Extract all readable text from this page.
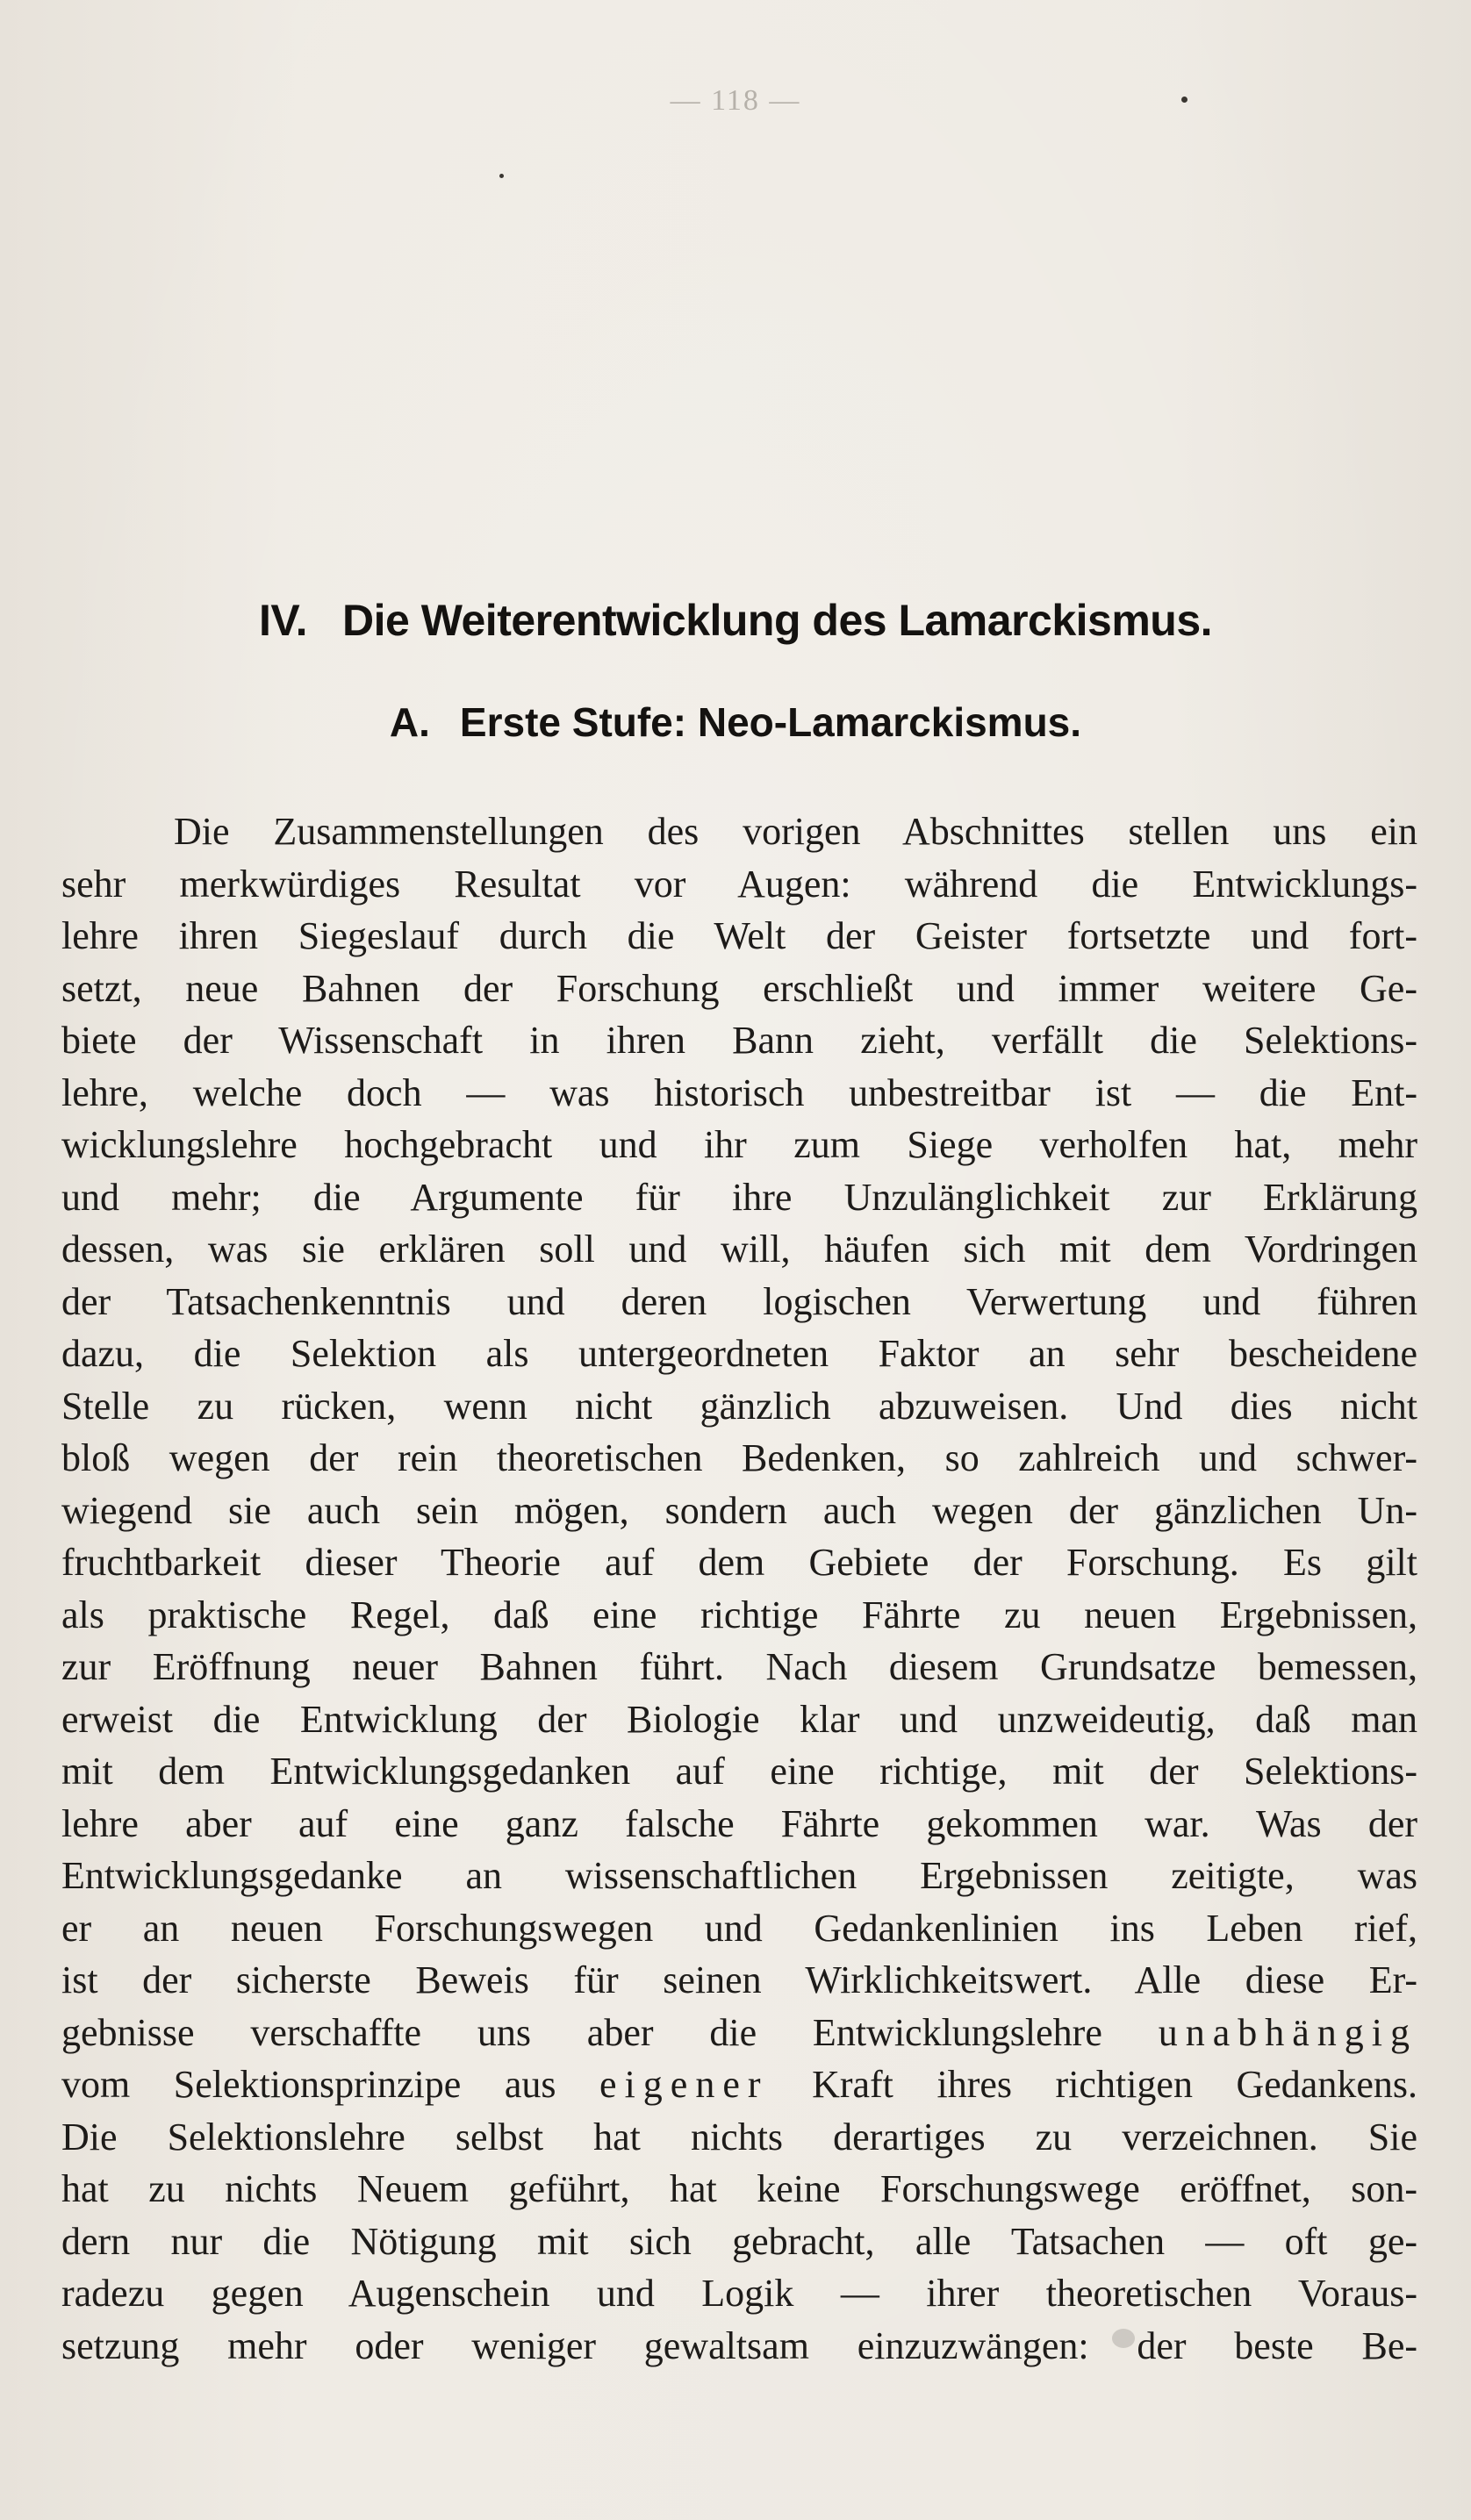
— 118 —
IV. Die Weiterentwicklung des Lamarckismus.
A. Erste Stufe: Neo-Lamarckismus.
Die Zusammenstellungen des vorigen Abschnittes stellen uns ein
sehr merkwürdiges Resultat vor Augen: während die Entwicklungs-
lehre ihren Siegeslauf durch die Welt der Geister fortsetzte und fort-
setzt, neue Bahnen der Forschung erschließt und immer weitere Ge-
biete der Wissenschaft in ihren Bann zieht, verfällt die Selektions-
lehre, welche doch — was historisch unbestreitbar ist — die Ent-
wicklungslehre hochgebracht und ihr zum Siege verholfen hat, mehr
und mehr; die Argumente für ihre Unzulänglichkeit zur Erklärung
dessen, was sie erklären soll und will, häufen sich mit dem Vordringen
der Tatsachenkenntnis und deren logischen Verwertung und führen
dazu, die Selektion als untergeordneten Faktor an sehr bescheidene
Stelle zu rücken, wenn nicht gänzlich abzuweisen. Und dies nicht
bloß wegen der rein theoretischen Bedenken, so zahlreich und schwer-
wiegend sie auch sein mögen, sondern auch wegen der gänzlichen Un-
fruchtbarkeit dieser Theorie auf dem Gebiete der Forschung. Es gilt
als praktische Regel, daß eine richtige Fährte zu neuen Ergebnissen,
zur Eröffnung neuer Bahnen führt. Nach diesem Grundsatze bemessen,
erweist die Entwicklung der Biologie klar und unzweideutig, daß man
mit dem Entwicklungsgedanken auf eine richtige, mit der Selektions-
lehre aber auf eine ganz falsche Fährte gekommen war. Was der
Entwicklungsgedanke an wissenschaftlichen Ergebnissen zeitigte, was
er an neuen Forschungswegen und Gedankenlinien ins Leben rief,
ist der sicherste Beweis für seinen Wirklichkeitswert. Alle diese Er-
gebnisse verschaffte uns aber die Entwicklungslehre unabhängig
vom Selektionsprinzipe aus eigener Kraft ihres richtigen Gedankens.
Die Selektionslehre selbst hat nichts derartiges zu verzeichnen. Sie
hat zu nichts Neuem geführt, hat keine Forschungswege eröffnet, son-
dern nur die Nötigung mit sich gebracht, alle Tatsachen — oft ge-
radezu gegen Augenschein und Logik — ihrer theoretischen Voraus-
setzung mehr oder weniger gewaltsam einzuzwängen: der beste Be-
